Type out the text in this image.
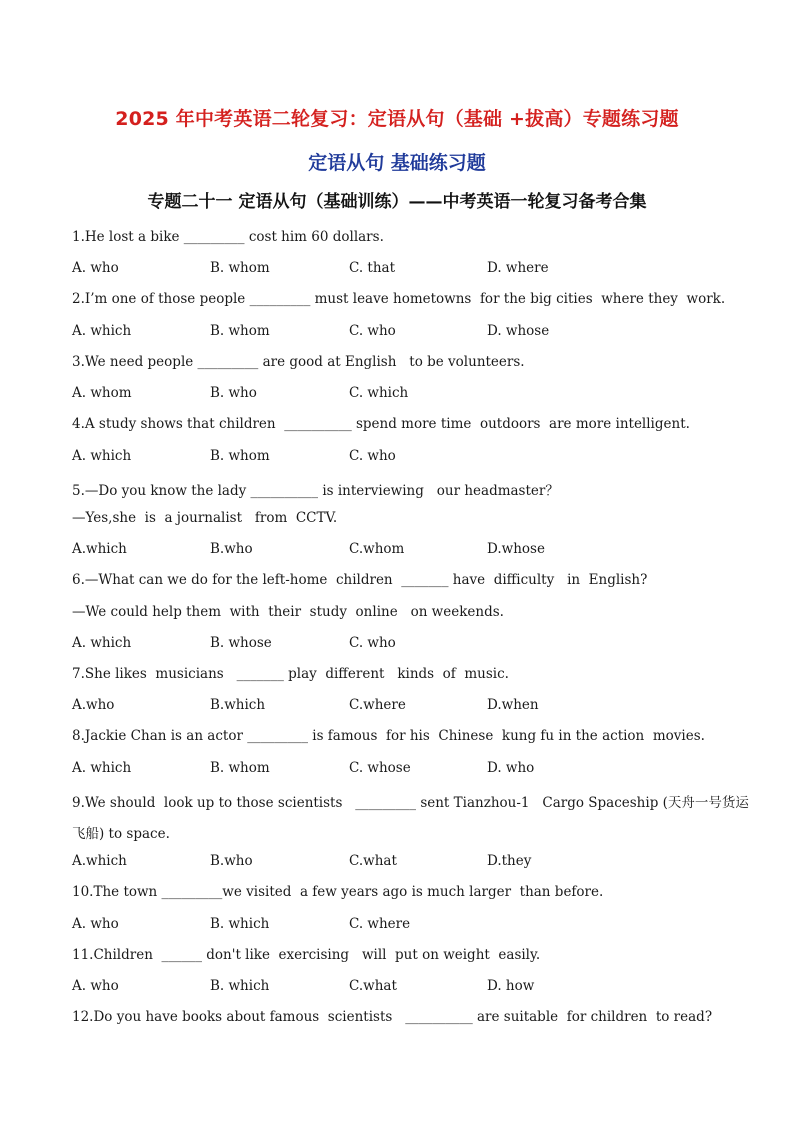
2025 年中考英语二轮复习：定语从句（基础 +拔高）专题练习题
定语从句 基础练习题
专题二十一 定语从句（基础训练）——中考英语一轮复习备考合集
1.He lost a bike _________ cost him 60 dollars.
A. who	B. whom	C. that	D. where
2.I’m one of those people _________ must leave hometowns  for the big cities  where they  work.
A. which	B. whom	C. who	D. whose
3.We need people _________ are good at English   to be volunteers.
A. whom	B. who	C. which
4.A study shows that children  __________ spend more time  outdoors  are more intelligent.
A. which	B. whom	C. who
5.—Do you know the lady __________ is interviewing   our headmaster？
—Yes,she  is  a journalist   from  CCTV.
A.which	B.who	C.whom	D.whose
6.—What can we do for the left-home  children  _______ have  difficulty   in  English?
—We could help them  with  their  study  online   on weekends.
A. which	B. whose	C. who
7.She likes  musicians   _______ play  different   kinds  of  music.
A.who	B.which	C.where	D.when
8.Jackie Chan is an actor _________ is famous  for his  Chinese  kung fu in the action  movies.
A. which	B. whom	C. whose	D. who
9.We should  look up to those scientists   _________ sent Tianzhou-1   Cargo Spaceship (天舟一号货运
飞船) to space.
A.which	B.who	C.what	D.they
10.The town _________we visited  a few years ago is much larger  than before.
A. who	B. which	C. where
11.Children  ______ don't like  exercising   will  put on weight  easily.
A. who	B. which	C.what	D. how
12.Do you have books about famous  scientists   __________ are suitable  for children  to read?
